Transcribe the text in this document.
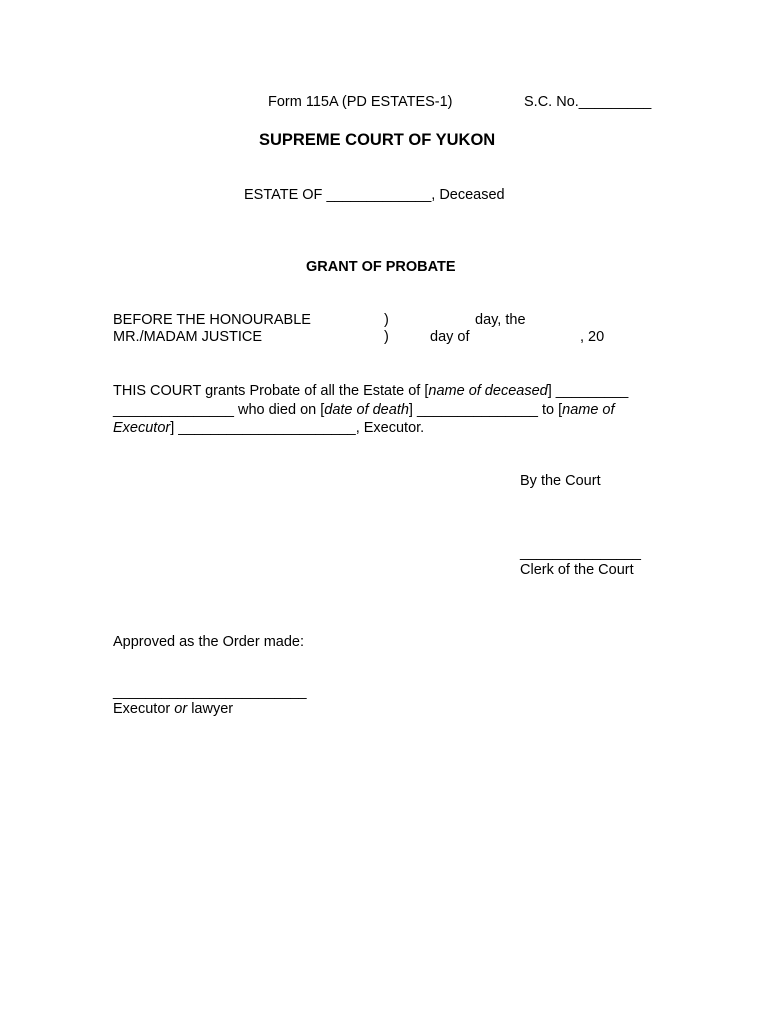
Form 115A (PD ESTATES-1)	S.C. No._________
SUPREME COURT OF YUKON
ESTATE OF _____________, Deceased
GRANT OF PROBATE
BEFORE THE HONOURABLE
MR./MADAM JUSTICE
)
)
day, the
day of	, 20
THIS COURT grants Probate of all the Estate of [name of deceased] _________
_______________ who died on [date of death] _______________ to [name of
Executor] ______________________, Executor.
By the Court
_______________
Clerk of the Court
Approved as the Order made:
________________________
Executor or lawyer
